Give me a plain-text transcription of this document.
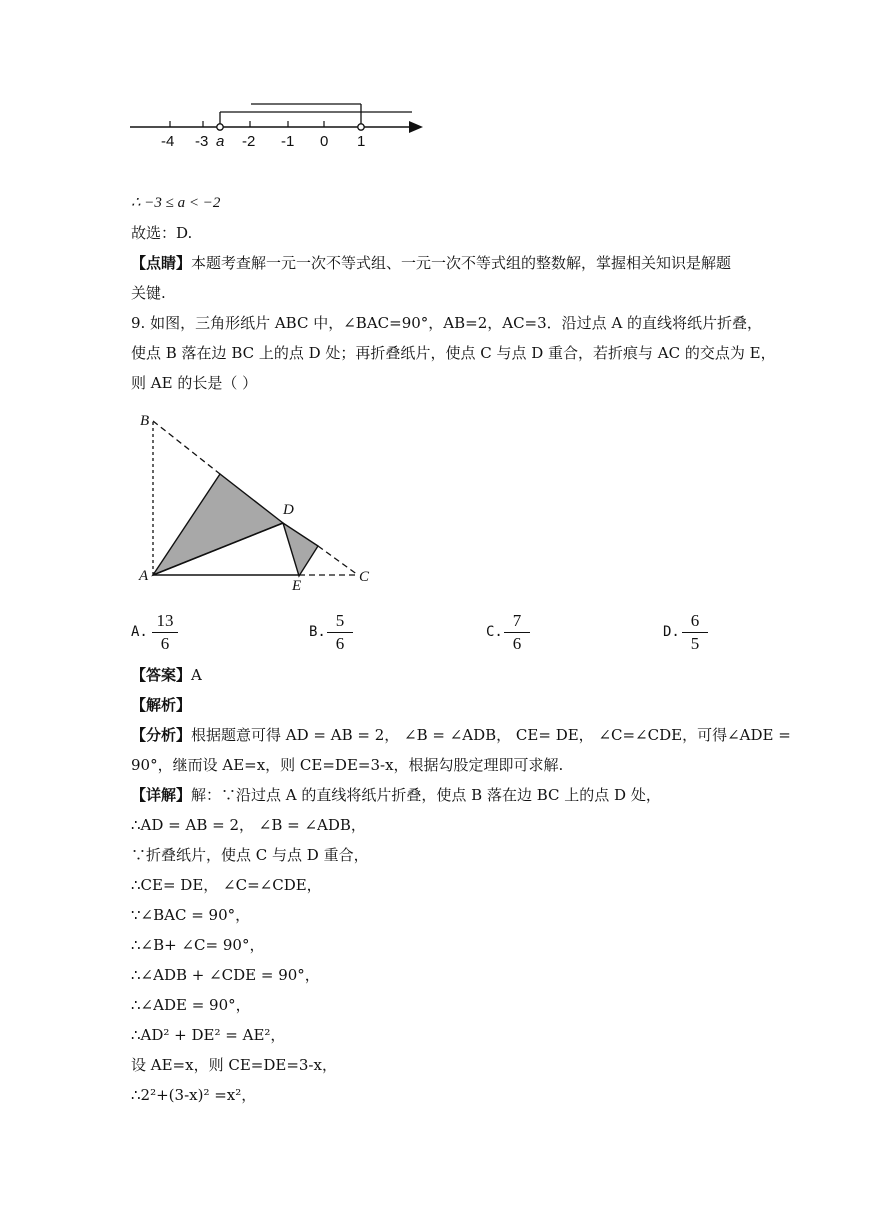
-4 -3 a -2 -1 0 1
∴ −3 ≤ a < −2
故选：D.
【点睛】本题考查解一元一次不等式组、一元一次不等式组的整数解，掌握相关知识是解题
关键.
9. 如图，三角形纸片 ABC 中，∠BAC=90°，AB=2，AC=3．沿过点 A 的直线将纸片折叠，
使点 B 落在边 BC 上的点 D 处；再折叠纸片，使点 C 与点 D 重合，若折痕与 AC 的交点为 E，
则 AE 的长是（ ）
B
D
A
E
C
A.
13
6
B.
5
6
C.
7
6
D.
6
5
【答案】A
【解析】
【分析】根据题意可得 AD = AB = 2， ∠B = ∠ADB， CE= DE， ∠C=∠CDE，可得∠ADE =
90°，继而设 AE=x，则 CE=DE=3-x，根据勾股定理即可求解.
【详解】解：∵沿过点 A 的直线将纸片折叠，使点 B 落在边 BC 上的点 D 处，
∴AD = AB = 2， ∠B = ∠ADB，
∵折叠纸片，使点 C 与点 D 重合，
∴CE= DE， ∠C=∠CDE，
∵∠BAC = 90°，
∴∠B+ ∠C= 90°，
∴∠ADB + ∠CDE = 90°，
∴∠ADE = 90°，
∴AD² + DE² = AE²，
设 AE=x，则 CE=DE=3-x，
∴2²+(3-x)² =x²，
